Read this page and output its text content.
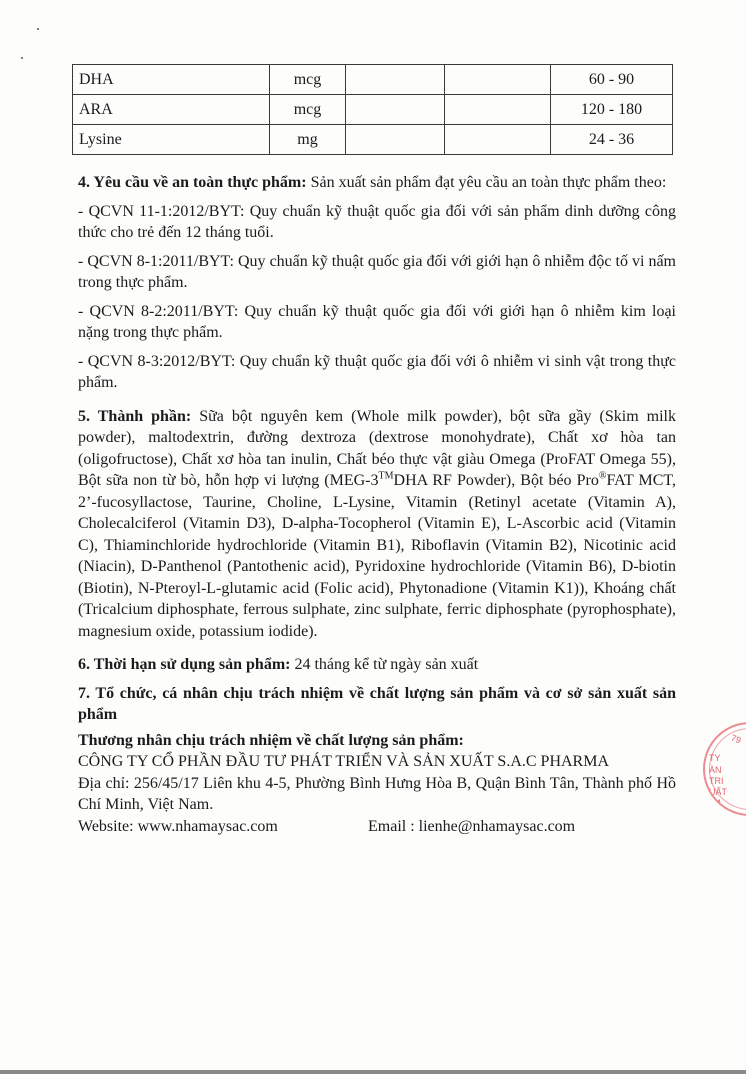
DHA	mcg			60 - 90
ARA	mcg			120 - 180
Lysine	mg			24 - 36

4. Yêu cầu về an toàn thực phẩm: Sản xuất sản phẩm đạt yêu cầu an toàn thực phẩm theo:

- QCVN 11-1:2012/BYT: Quy chuẩn kỹ thuật quốc gia đối với sản phẩm dinh dưỡng công thức cho trẻ đến 12 tháng tuổi.

- QCVN 8-1:2011/BYT: Quy chuẩn kỹ thuật quốc gia đối với giới hạn ô nhiễm độc tố vi nấm trong thực phẩm.

- QCVN 8-2:2011/BYT: Quy chuẩn kỹ thuật quốc gia đối với giới hạn ô nhiễm kim loại nặng trong thực phẩm.

- QCVN 8-3:2012/BYT: Quy chuẩn kỹ thuật quốc gia đối với ô nhiễm vi sinh vật trong thực phẩm.

5. Thành phần: Sữa bột nguyên kem (Whole milk powder), bột sữa gầy (Skim milk powder), maltodextrin, đường dextroza (dextrose monohydrate), Chất xơ hòa tan (oligofructose), Chất xơ hòa tan inulin, Chất béo thực vật giàu Omega (ProFAT Omega 55), Bột sữa non từ bò, hỗn hợp vi lượng (MEG-3™DHA RF Powder), Bột béo Pro®FAT MCT, 2’-fucosyllactose, Taurine, Choline, L-Lysine, Vitamin (Retinyl acetate (Vitamin A), Cholecalciferol (Vitamin D3), D-alpha-Tocopherol (Vitamin E), L-Ascorbic acid (Vitamin C), Thiaminchloride hydrochloride (Vitamin B1), Riboflavin (Vitamin B2), Nicotinic acid (Niacin), D-Panthenol (Pantothenic acid), Pyridoxine hydrochloride (Vitamin B6), D-biotin (Biotin), N-Pteroyl-L-glutamic acid (Folic acid), Phytonadione (Vitamin K1)), Khoáng chất (Tricalcium diphosphate, ferrous sulphate, zinc sulphate, ferric diphosphate (pyrophosphate), magnesium oxide, potassium iodide).

6. Thời hạn sử dụng sản phẩm: 24 tháng kể từ ngày sản xuất

7. Tổ chức, cá nhân chịu trách nhiệm về chất lượng sản phẩm và cơ sở sản xuất sản phẩm

Thương nhân chịu trách nhiệm về chất lượng sản phẩm:

CÔNG TY CỔ PHẦN ĐẦU TƯ PHÁT TRIỂN VÀ SẢN XUẤT S.A.C PHARMA

Địa chỉ: 256/45/17 Liên khu 4-5, Phường Bình Hưng Hòa B, Quận Bình Tân, Thành phố Hồ Chí Minh, Việt Nam.

Website: www.nhamaysac.com	Email : lienhe@nhamaysac.com
79
TY
ÀN
TRI
UẤT
HA
